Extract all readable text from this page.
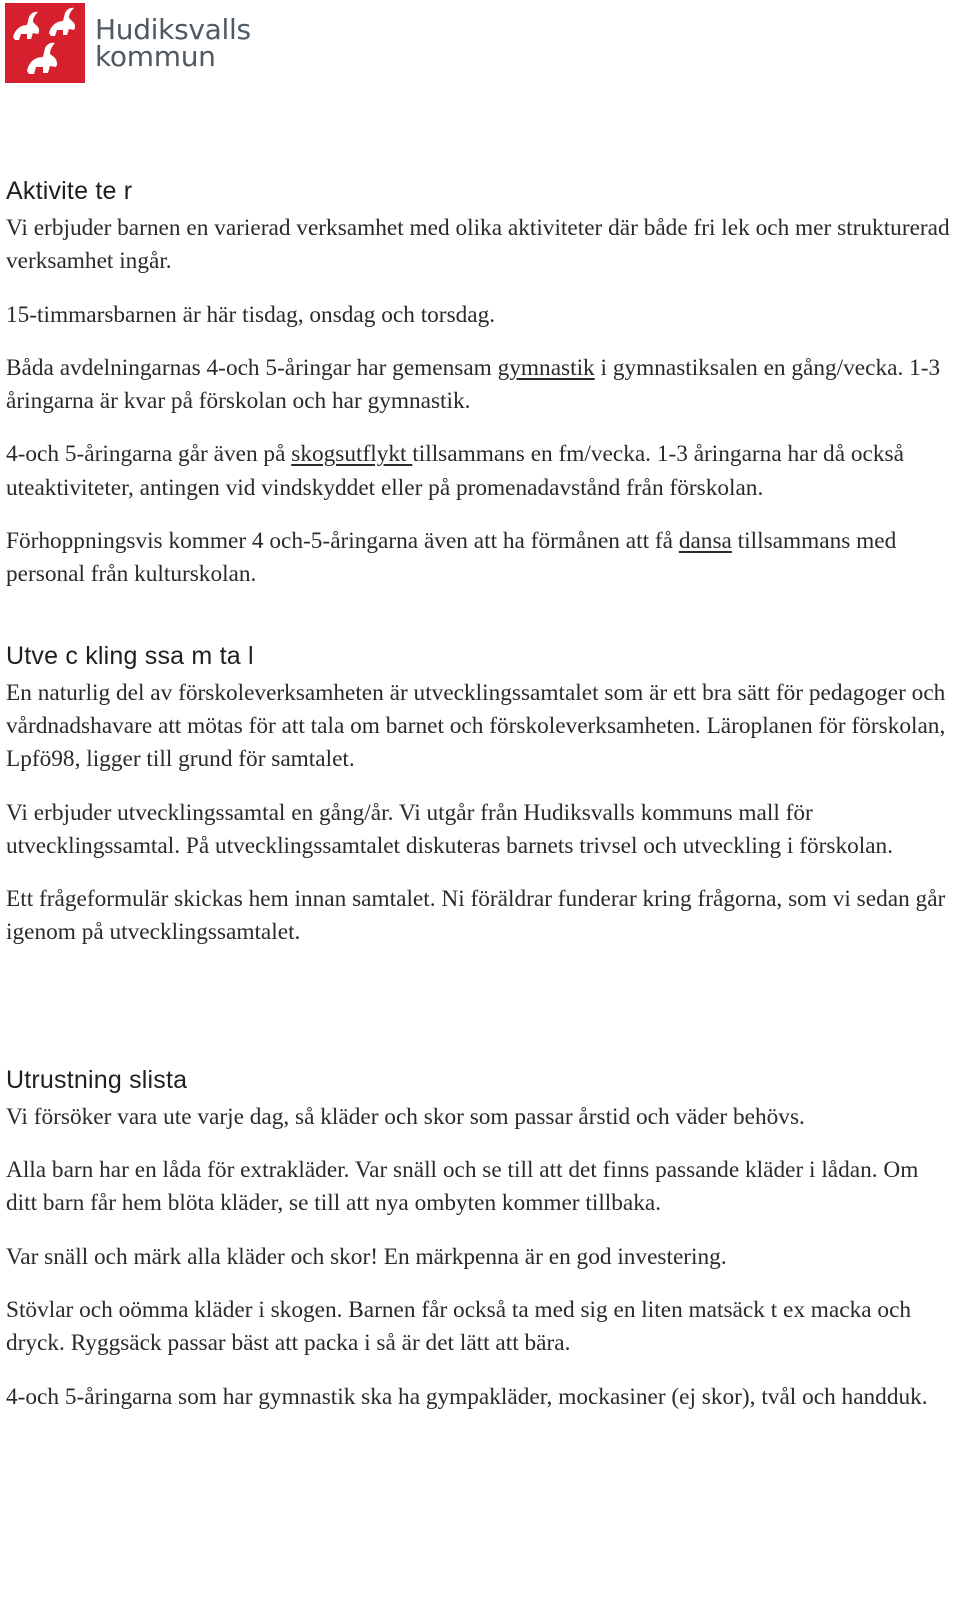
Hudiksvalls
kommun
Aktivite te r

Vi erbjuder barnen en varierad verksamhet med olika aktiviteter där både fri lek och mer strukturerad verksamhet ingår.

15-timmarsbarnen är här tisdag, onsdag och torsdag.

Båda avdelningarnas 4-och 5-åringar har gemensam gymnastik i gymnastiksalen en gång/vecka. 1-3 åringarna är kvar på förskolan och har gymnastik.

4-och 5-åringarna går även på skogsutflykt tillsammans en fm/vecka. 1-3 åringarna har då också uteaktiviteter, antingen vid vindskyddet eller på promenadavstånd från förskolan.

Förhoppningsvis kommer 4 och-5-åringarna även att ha förmånen att få dansa tillsammans med personal från kulturskolan.

Utve c kling ssa m ta l

En naturlig del av förskoleverksamheten är utvecklingssamtalet som är ett bra sätt för pedagoger och vårdnadshavare att mötas för att tala om barnet och förskoleverksamheten. Läroplanen för förskolan, Lpfö98, ligger till grund för samtalet.

Vi erbjuder utvecklingssamtal en gång/år. Vi utgår från Hudiksvalls kommuns mall för utvecklingssamtal. På utvecklingssamtalet diskuteras barnets trivsel och utveckling i förskolan.

Ett frågeformulär skickas hem innan samtalet. Ni föräldrar funderar kring frågorna, som vi sedan går igenom på utvecklingssamtalet.

Utrustning slista

Vi försöker vara ute varje dag, så kläder och skor som passar årstid och väder behövs.

Alla barn har en låda för extrakläder. Var snäll och se till att det finns passande kläder i lådan. Om ditt barn får hem blöta kläder, se till att nya ombyten kommer tillbaka.

Var snäll och märk alla kläder och skor! En märkpenna är en god investering.

Stövlar och oömma kläder i skogen. Barnen får också ta med sig en liten matsäck t ex macka och dryck. Ryggsäck passar bäst att packa i så är det lätt att bära.

4-och 5-åringarna som har gymnastik ska ha gympakläder, mockasiner (ej skor), tvål och handduk.
